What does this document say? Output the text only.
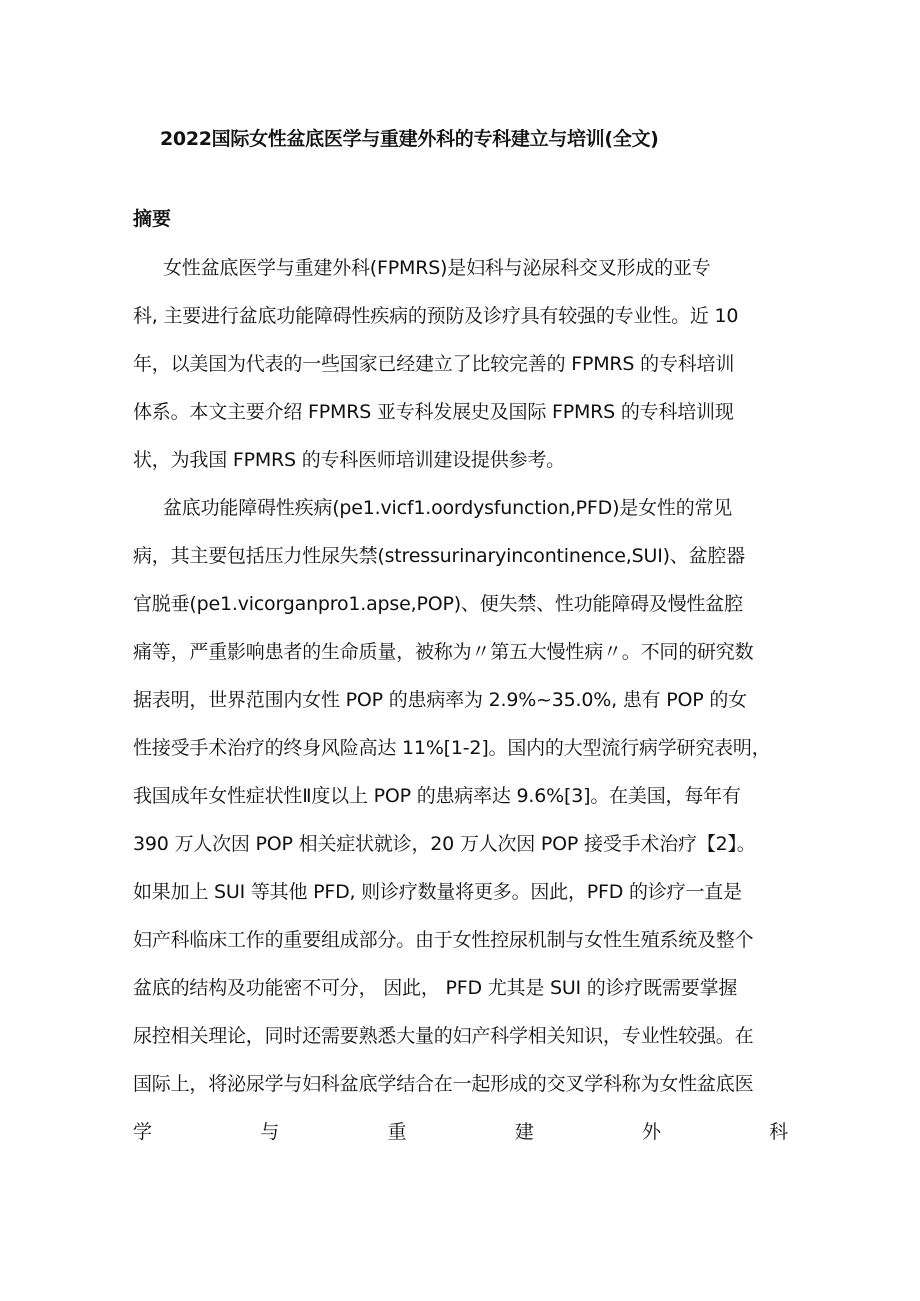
2022国际女性盆底医学与重建外科的专科建立与培训(全文)
摘要
女性盆底医学与重建外科(FPMRS)是妇科与泌尿科交叉形成的亚专
科, 主要进行盆底功能障碍性疾病的预防及诊疗具有较强的专业性。近 10
年，以美国为代表的一些国家已经建立了比较完善的 FPMRS 的专科培训
体系。本文主要介绍 FPMRS 亚专科发展史及国际 FPMRS 的专科培训现
状，为我国 FPMRS 的专科医师培训建设提供参考。
盆底功能障碍性疾病(pe1.vicf1.oordysfunction,PFD)是女性的常见
病，其主要包括压力性尿失禁(stressurinaryincontinence,SUI)、盆腔器
官脱垂(pe1.vicorganpro1.apse,POP)、便失禁、性功能障碍及慢性盆腔
痛等，严重影响患者的生命质量，被称为〃第五大慢性病〃。不同的研究数
据表明，世界范围内女性 POP 的患病率为 2.9%~35.0%, 患有 POP 的女
性接受手术治疗的终身风险高达 11%[1-2]。国内的大型流行病学研究表明，
我国成年女性症状性Ⅱ度以上 POP 的患病率达 9.6%[3]。在美国，每年有
390 万人次因 POP 相关症状就诊，20 万人次因 POP 接受手术治疗【2】。
如果加上 SUI 等其他 PFD, 则诊疗数量将更多。因此，PFD 的诊疗一直是
妇产科临床工作的重要组成部分。由于女性控尿机制与女性生殖系统及整个
盆底的结构及功能密不可分， 因此， PFD 尤其是 SUI 的诊疗既需要掌握
尿控相关理论，同时还需要熟悉大量的妇产科学相关知识，专业性较强。在
国际上，将泌尿学与妇科盆底学结合在一起形成的交叉学科称为女性盆底医
学	与	重	建	外	科
